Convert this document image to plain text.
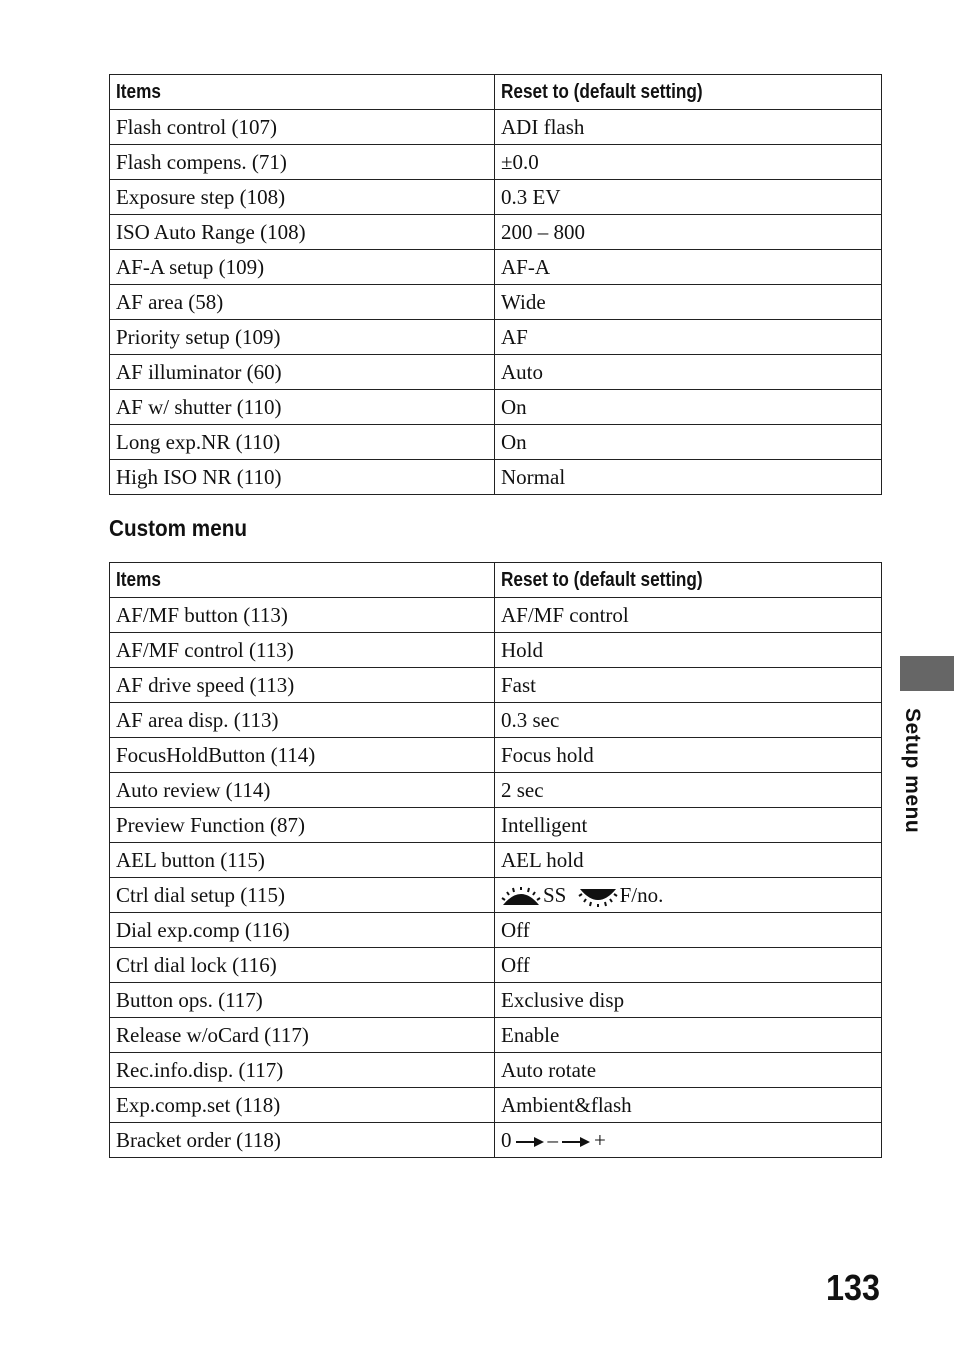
Items	Reset to (default setting)
Flash control (107)	ADI flash
Flash compens. (71)	±0.0
Exposure step (108)	0.3 EV
ISO Auto Range (108)	200 – 800
AF-A setup (109)	AF-A
AF area (58)	Wide
Priority setup (109)	AF
AF illuminator (60)	Auto
AF w/ shutter (110)	On
Long exp.NR (110)	On
High ISO NR (110)	Normal
Custom menu
Items	Reset to (default setting)
AF/MF button (113)	AF/MF control
AF/MF control (113)	Hold
AF drive speed (113)	Fast
AF area disp. (113)	0.3 sec
FocusHoldButton (114)	Focus hold
Auto review (114)	2 sec
Preview Function (87)	Intelligent
AEL button (115)	AEL hold
Ctrl dial setup (115)	SS F/no.
Dial exp.comp (116)	Off
Ctrl dial lock (116)	Off
Button ops. (117)	Exclusive disp
Release w/oCard (117)	Enable
Rec.info.disp. (117)	Auto rotate
Exp.comp.set (118)	Ambient&flash
Bracket order (118)	0 – +
Setup menu
133
